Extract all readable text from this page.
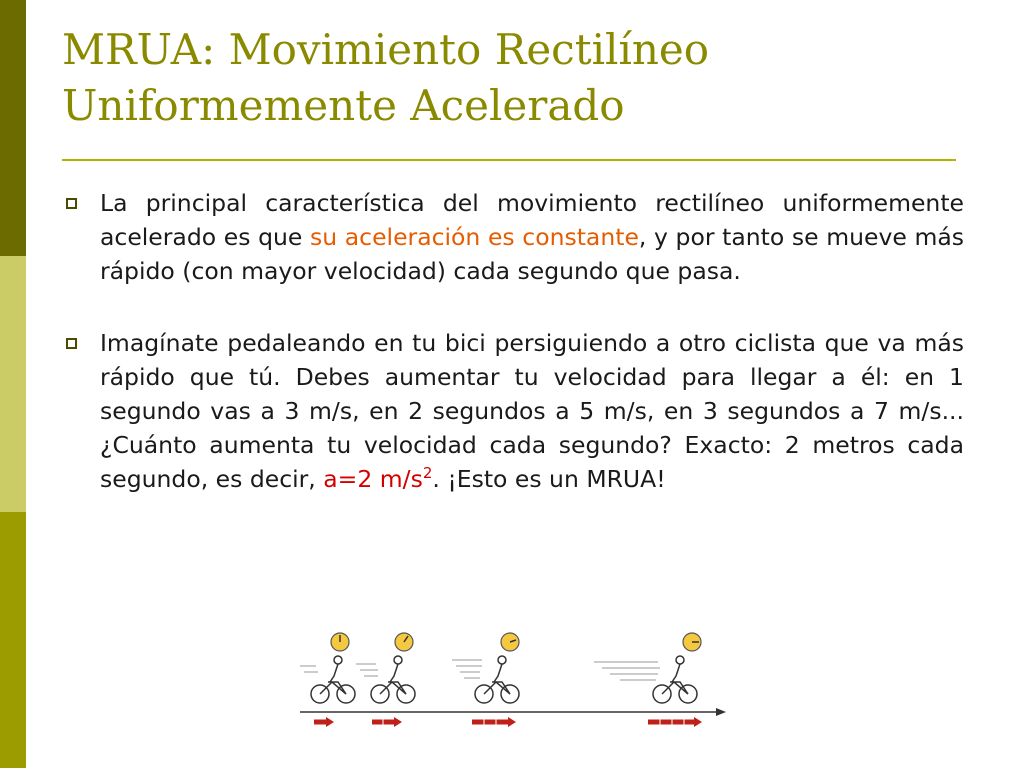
MRUA: Movimiento Rectilíneo
Uniformemente Acelerado
La principal característica del movimiento rectilíneo uniformemente acelerado es que su aceleración es constante, y por tanto se mueve más rápido (con mayor velocidad) cada segundo que pasa.
Imagínate pedaleando en tu bici persiguiendo a otro ciclista que va más rápido que tú. Debes aumentar tu velocidad para llegar a él: en 1 segundo vas a 3 m/s, en 2 segundos a 5 m/s, en 3 segundos a 7 m/s... ¿Cuánto aumenta tu velocidad cada segundo? Exacto: 2 metros cada segundo, es decir, a=2 $m/s^2$. ¡Esto es un MRUA!
